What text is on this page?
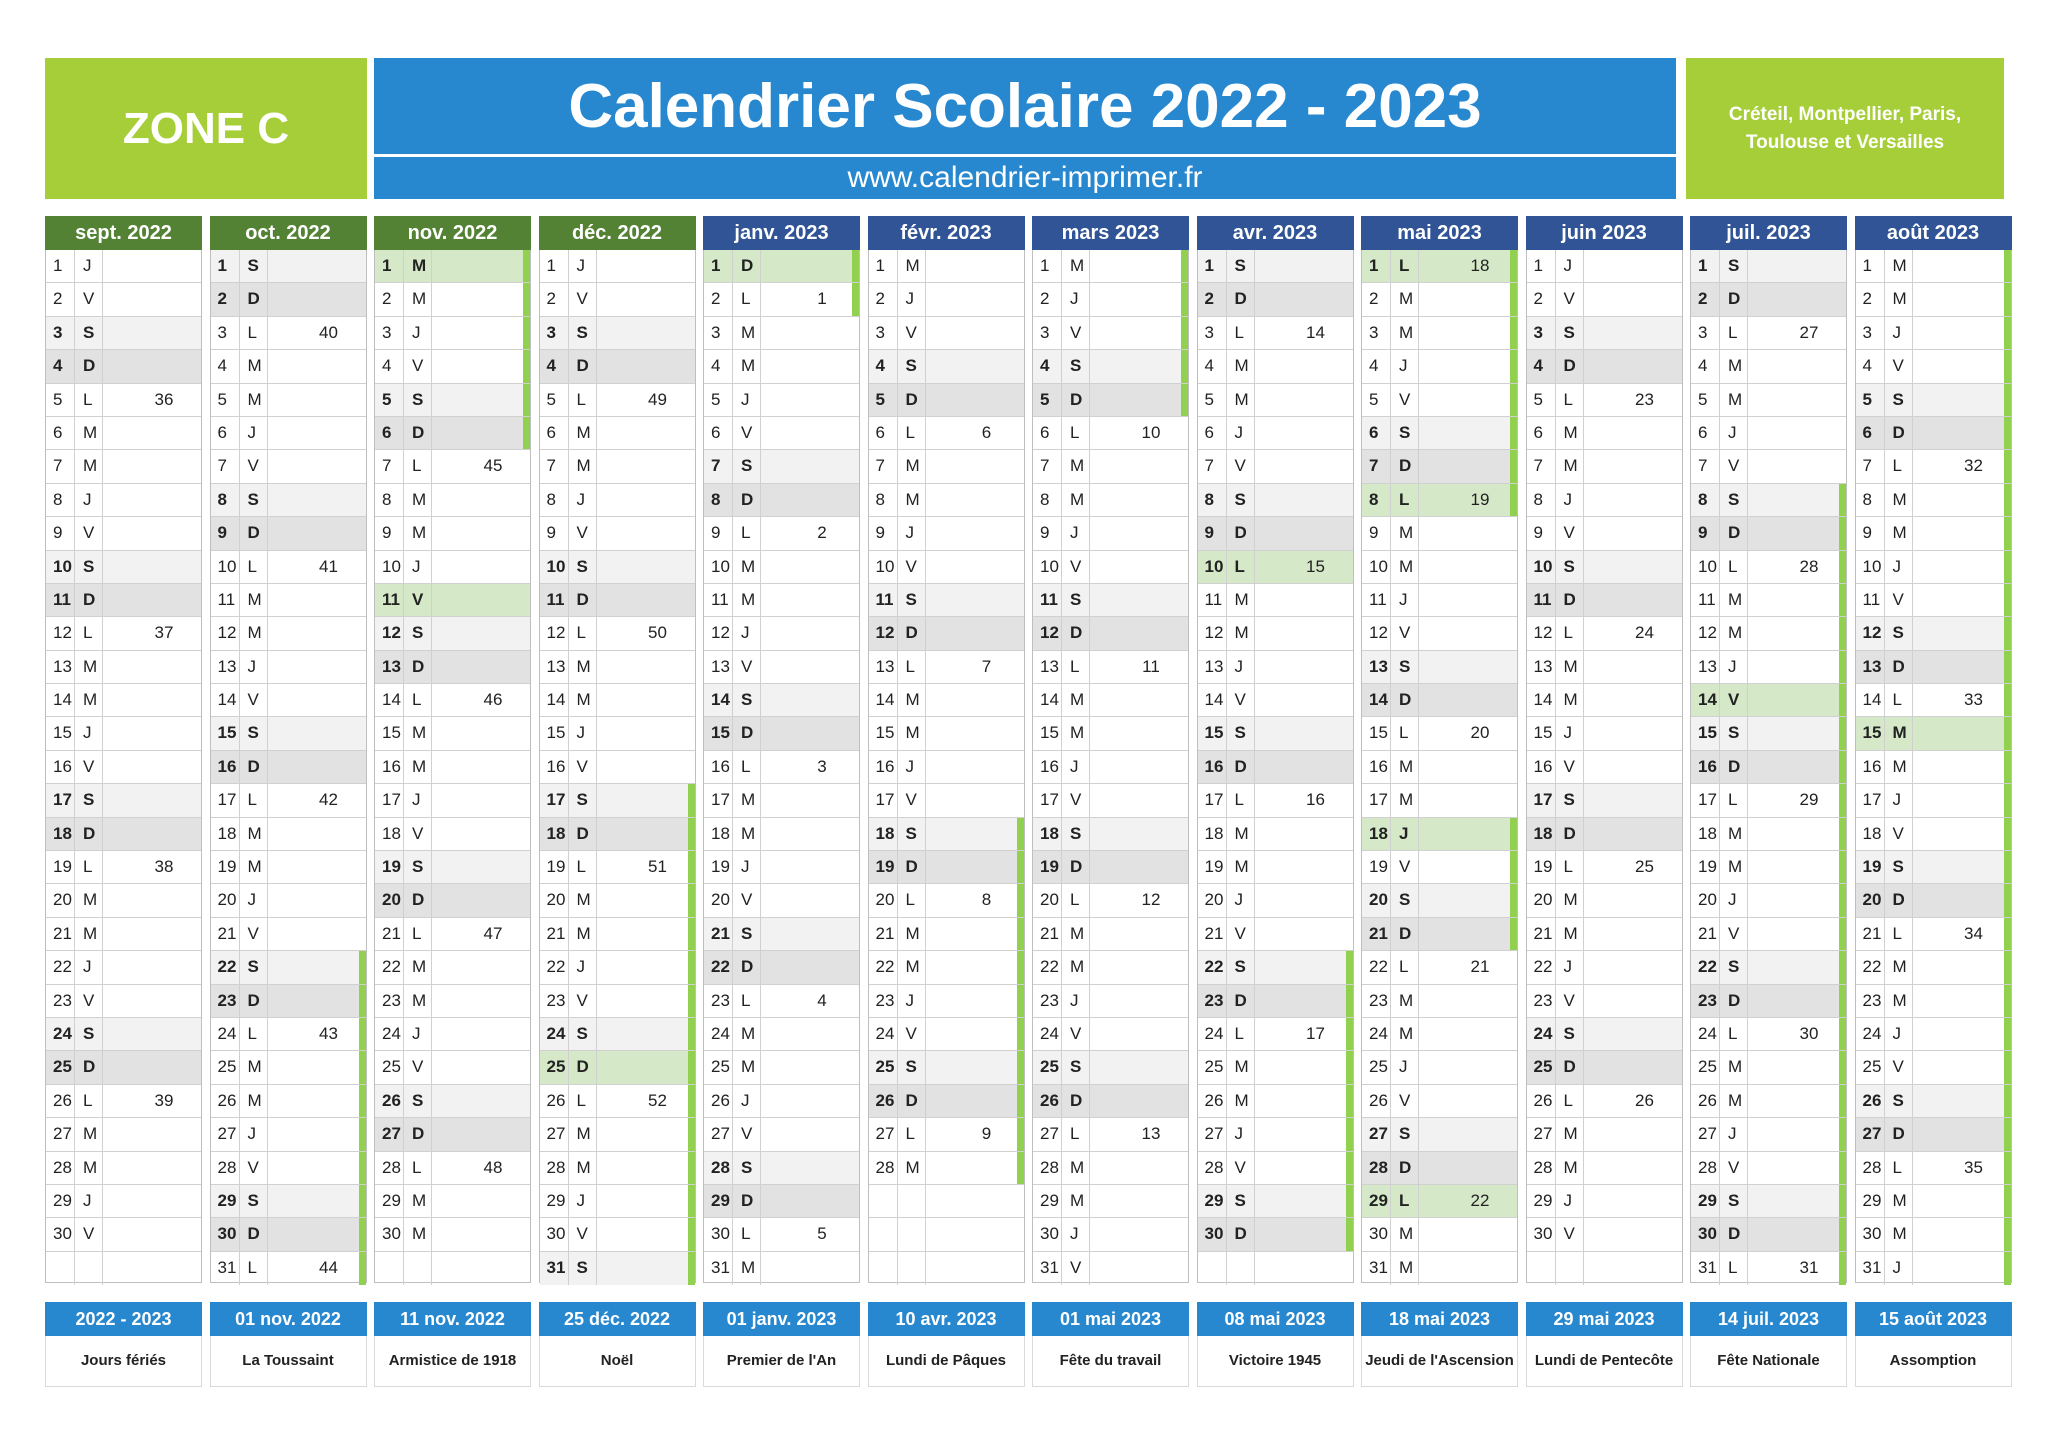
ZONE C	Calendrier Scolaire 2022 - 2023
www.calendrier-imprimer.fr
Créteil, Montpellier, Paris,
Toulouse et Versailles
sept. 2022
1	J
2	V
3	S
4	D
5	L	36
6	M
7	M
8	J
9	V
10 S
11 D
12 L	37
13 M
14 M
15 J
16 V
17 S
18 D
19 L	38
20 M
21 M
22 J
23 V
24 S
25 D
26 L	39
27 M
28 M
29 J
30 V
oct. 2022
1	S
2	D
3	L	40
4	M
5	M
6	J
7	V
8	S
9	D
10 L	41
11 M
12 M
13 J
14 V
15 S
16 D
17 L	42
18 M
19 M
20 J
21 V
22 S
23 D
24 L	43
25 M
26 M
27 J
28 V
29 S
30 D
31 L	44
nov. 2022
1	M
2	M
3	J
4	V
5	S
6	D
7	L	45
8	M
9	M
10 J
11 V
12 S
13 D
14 L	46
15 M
16 M
17 J
18 V
19 S
20 D
21 L	47
22 M
23 M
24 J
25 V
26 S
27 D
28 L	48
29 M
30 M
déc. 2022
1	J
2	V
3	S
4	D
5	L	49
6	M
7	M
8	J
9	V
10 S
11 D
12 L	50
13 M
14 M
15 J
16 V
17 S
18 D
19 L	51
20 M
21 M
22 J
23 V
24 S
25 D
26 L	52
27 M
28 M
29 J
30 V
31 S
janv. 2023
1	D
2	L	1
3	M
4	M
5	J
6	V
7	S
8	D
9	L	2
10 M
11 M
12 J
13 V
14 S
15 D
16 L	3
17 M
18 M
19 J
20 V
21 S
22 D
23 L	4
24 M
25 M
26 J
27 V
28 S
29 D
30 L	5
31 M
févr. 2023
1	M
2	J
3	V
4	S
5	D
6	L	6
7	M
8	M
9	J
10 V
11 S
12 D
13 L	7
14 M
15 M
16 J
17 V
18 S
19 D
20 L	8
21 M
22 M
23 J
24 V
25 S
26 D
27 L	9
28 M
mars 2023
1	M
2	J
3	V
4	S
5	D
6	L	10
7	M
8	M
9	J
10 V
11 S
12 D
13 L	11
14 M
15 M
16 J
17 V
18 S
19 D
20 L	12
21 M
22 M
23 J
24 V
25 S
26 D
27 L	13
28 M
29 M
30 J
31 V
avr. 2023
1	S
2	D
3	L	14
4	M
5	M
6	J
7	V
8	S
9	D
10 L	15
11 M
12 M
13 J
14 V
15 S
16 D
17 L	16
18 M
19 M
20 J
21 V
22 S
23 D
24 L	17
25 M
26 M
27 J
28 V
29 S
30 D
mai 2023
1	L	18
2	M
3	M
4	J
5	V
6	S
7	D
8	L	19
9	M
10 M
11 J
12 V
13 S
14 D
15 L	20
16 M
17 M
18 J
19 V
20 S
21 D
22 L	21
23 M
24 M
25 J
26 V
27 S
28 D
29 L	22
30 M
31 M
juin 2023
1	J
2	V
3	S
4	D
5	L	23
6	M
7	M
8	J
9	V
10 S
11 D
12 L	24
13 M
14 M
15 J
16 V
17 S
18 D
19 L	25
20 M
21 M
22 J
23 V
24 S
25 D
26 L	26
27 M
28 M
29 J
30 V
juil. 2023
1	S
2	D
3	L	27
4	M
5	M
6	J
7	V
8	S
9	D
10 L	28
11 M
12 M
13 J
14 V
15 S
16 D
17 L	29
18 M
19 M
20 J
21 V
22 S
23 D
24 L	30
25 M
26 M
27 J
28 V
29 S
30 D
31 L	31
août 2023
1	M
2	M
3	J
4	V
5	S
6	D
7	L	32
8	M
9	M
10 J
11 V
12 S
13 D
14 L	33
15 M
16 M
17 J
18 V
19 S
20 D
21 L	34
22 M
23 M
24 J
25 V
26 S
27 D
28 L	35
29 M
30 M
31 J
2022 - 2023
Jours fériés
01 nov. 2022
La Toussaint
11 nov. 2022
Armistice de 1918
25 déc. 2022
Noël
01 janv. 2023
Premier de l'An
10 avr. 2023
Lundi de Pâques
01 mai 2023
Fête du travail
08 mai 2023
Victoire 1945
18 mai 2023
Jeudi de l'Ascension
29 mai 2023
Lundi de Pentecôte
14 juil. 2023
Fête Nationale
15 août 2023
Assomption
